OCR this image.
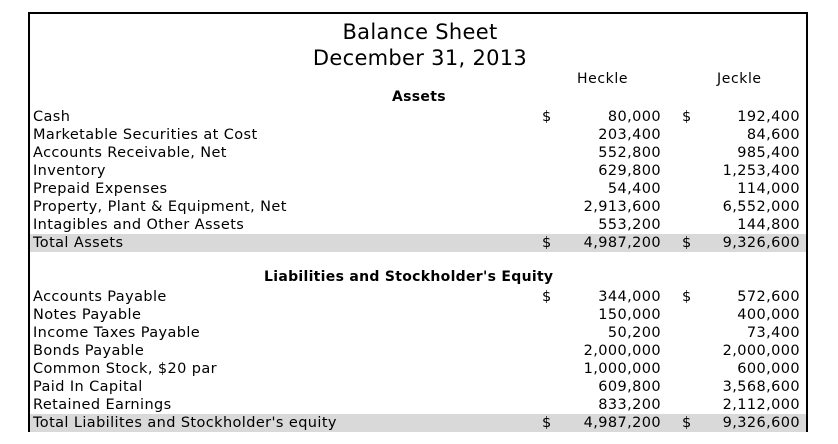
Balance Sheet
December 31, 2013
Heckle	Jeckle
Assets
Cash	$	80,000 $	192,400
Marketable Securities at Cost	203,400	84,600
Accounts Receivable, Net	552,800	985,400
Inventory	629,800	1,253,400
Prepaid Expenses	54,400	114,000
Property, Plant & Equipment, Net	2,913,600	6,552,000
Intagibles and Other Assets	553,200	144,800
Total Assets	$ 4,987,200 $ 9,326,600
Liabilities and Stockholder's Equity
Accounts Payable	$	344,000 $	572,600
Notes Payable	150,000	400,000
Income Taxes Payable	50,200	73,400
Bonds Payable	2,000,000	2,000,000
Common Stock, $20 par	1,000,000	600,000
Paid In Capital	609,800	3,568,600
Retained Earnings	833,200	2,112,000
Total Liabilites and Stockholder's equity	$ 4,987,200 $ 9,326,600
